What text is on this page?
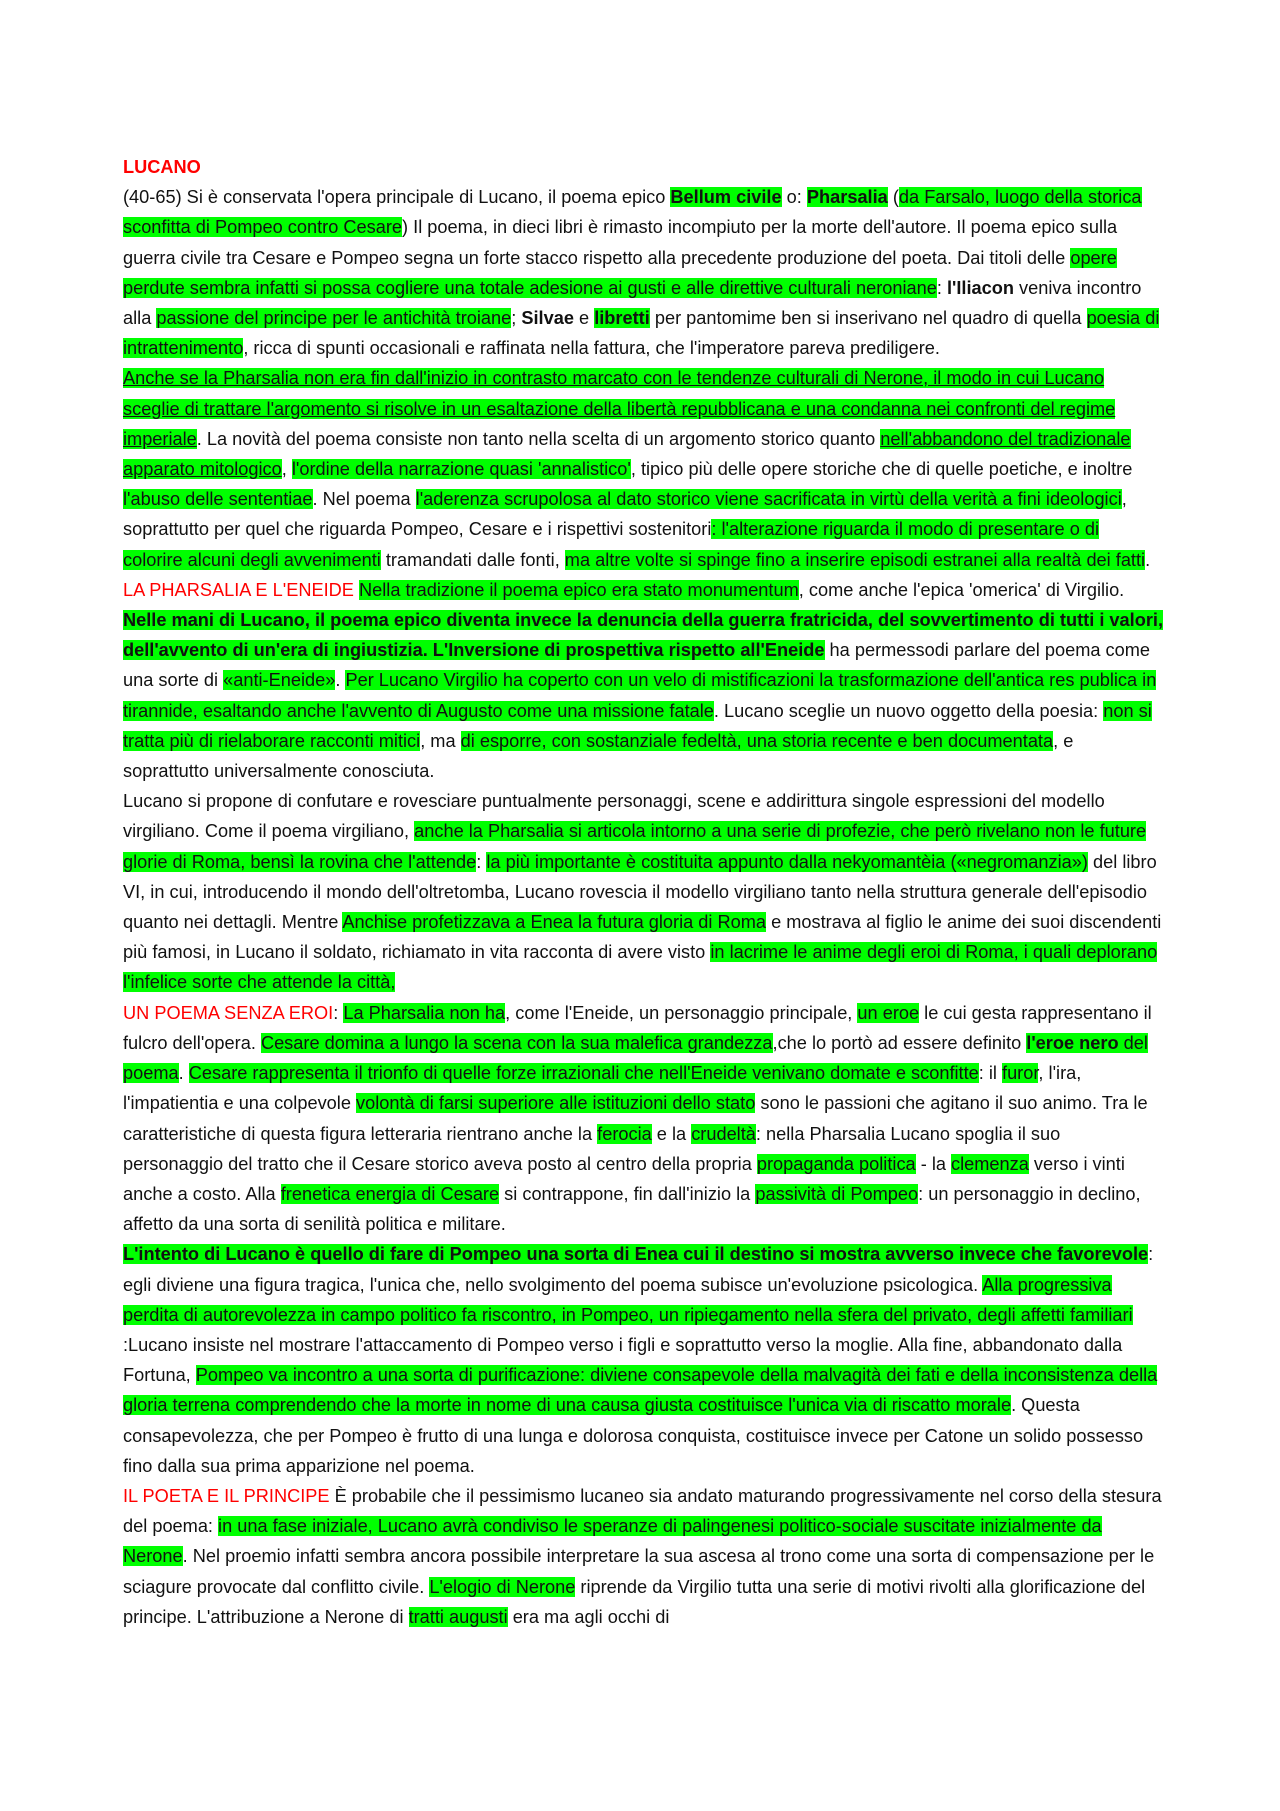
LUCANO

(40-65) Si è conservata l'opera principale di Lucano, il poema epico Bellum civile o: Pharsalia (da Farsalo, luogo della storica sconfitta di Pompeo contro Cesare) Il poema, in dieci libri è rimasto incompiuto per la morte dell'autore. Il poema epico sulla guerra civile tra Cesare e Pompeo segna un forte stacco rispetto alla precedente produzione del poeta. Dai titoli delle opere perdute sembra infatti si possa cogliere una totale adesione ai gusti e alle direttive culturali neroniane: l'Iliacon veniva incontro alla passione del principe per le antichità troiane; Silvae e libretti per pantomime ben si inserivano nel quadro di quella poesia di intrattenimento, ricca di spunti occasionali e raffinata nella fattura, che l'imperatore pareva prediligere.

Anche se la Pharsalia non era fin dall'inizio in contrasto marcato con le tendenze culturali di Nerone, il modo in cui Lucano sceglie di trattare l'argomento si risolve in un esaltazione della libertà repubblicana e una condanna nei confronti del regime imperiale. La novità del poema consiste non tanto nella scelta di un argomento storico quanto nell'abbandono del tradizionale apparato mitologico, l'ordine della narrazione quasi 'annalistico', tipico più delle opere storiche che di quelle poetiche, e inoltre l'abuso delle sententiae. Nel poema l'aderenza scrupolosa al dato storico viene sacrificata in virtù della verità a fini ideologici, soprattutto per quel che riguarda Pompeo, Cesare e i rispettivi sostenitori: l'alterazione riguarda il modo di presentare o di colorire alcuni degli avvenimenti tramandati dalle fonti, ma altre volte si spinge fino a inserire episodi estranei alla realtà dei fatti.

LA PHARSALIA E L'ENEIDE Nella tradizione il poema epico era stato monumentum, come anche l'epica 'omerica' di Virgilio. Nelle mani di Lucano, il poema epico diventa invece la denuncia della guerra fratricida, del sovvertimento di tutti i valori, dell'avvento di un'era di ingiustizia. L'Inversione di prospettiva rispetto all'Eneide ha permessodi parlare del poema come una sorte di «anti-Eneide». Per Lucano Virgilio ha coperto con un velo di mistificazioni la trasformazione dell'antica res publica in tirannide, esaltando anche l'avvento di Augusto come una missione fatale. Lucano sceglie un nuovo oggetto della poesia: non si tratta più di rielaborare racconti mitici, ma di esporre, con sostanziale fedeltà, una storia recente e ben documentata, e soprattutto universalmente conosciuta.

Lucano si propone di confutare e rovesciare puntualmente personaggi, scene e addirittura singole espressioni del modello virgiliano. Come il poema virgiliano, anche la Pharsalia si articola intorno a una serie di profezie, che però rivelano non le future glorie di Roma, bensì la rovina che l'attende: la più importante è costituita appunto dalla nekyomantèia («negromanzia») del libro VI, in cui, introducendo il mondo dell'oltretomba, Lucano rovescia il modello virgiliano tanto nella struttura generale dell'episodio quanto nei dettagli. Mentre Anchise profetizzava a Enea la futura gloria di Roma e mostrava al figlio le anime dei suoi discendenti più famosi, in Lucano il soldato, richiamato in vita racconta di avere visto in lacrime le anime degli eroi di Roma, i quali deplorano l'infelice sorte che attende la città,

UN POEMA SENZA EROI: La Pharsalia non ha, come l'Eneide, un personaggio principale, un eroe le cui gesta rappresentano il fulcro dell'opera. Cesare domina a lungo la scena con la sua malefica grandezza,che lo portò ad essere definito l'eroe nero del poema. Cesare rappresenta il trionfo di quelle forze irrazionali che nell'Eneide venivano domate e sconfitte: il furor, l'ira, l'impatientia e una colpevole volontà di farsi superiore alle istituzioni dello stato sono le passioni che agitano il suo animo. Tra le caratteristiche di questa figura letteraria rientrano anche la ferocia e la crudeltà: nella Pharsalia Lucano spoglia il suo personaggio del tratto che il Cesare storico aveva posto al centro della propria propaganda politica - la clemenza verso i vinti anche a costo. Alla frenetica energia di Cesare si contrappone, fin dall'inizio la passività di Pompeo: un personaggio in declino, affetto da una sorta di senilità politica e militare.

L'intento di Lucano è quello di fare di Pompeo una sorta di Enea cui il destino si mostra avverso invece che favorevole: egli diviene una figura tragica, l'unica che, nello svolgimento del poema subisce un'evoluzione psicologica. Alla progressiva perdita di autorevolezza in campo politico fa riscontro, in Pompeo, un ripiegamento nella sfera del privato, degli affetti familiari :Lucano insiste nel mostrare l'attaccamento di Pompeo verso i figli e soprattutto verso la moglie. Alla fine, abbandonato dalla Fortuna, Pompeo va incontro a una sorta di purificazione: diviene consapevole della malvagità dei fati e della inconsistenza della gloria terrena comprendendo che la morte in nome di una causa giusta costituisce l'unica via di riscatto morale. Questa consapevolezza, che per Pompeo è frutto di una lunga e dolorosa conquista, costituisce invece per Catone un solido possesso fino dalla sua prima apparizione nel poema.

IL POETA E IL PRINCIPE È probabile che il pessimismo lucaneo sia andato maturando progressivamente nel corso della stesura del poema: in una fase iniziale, Lucano avrà condiviso le speranze di palingenesi politico-sociale suscitate inizialmente da Nerone. Nel proemio infatti sembra ancora possibile interpretare la sua ascesa al trono come una sorta di compensazione per le sciagure provocate dal conflitto civile. L'elogio di Nerone riprende da Virgilio tutta una serie di motivi rivolti alla glorificazione del principe. L'attribuzione a Nerone di tratti augusti era ma agli occhi di
